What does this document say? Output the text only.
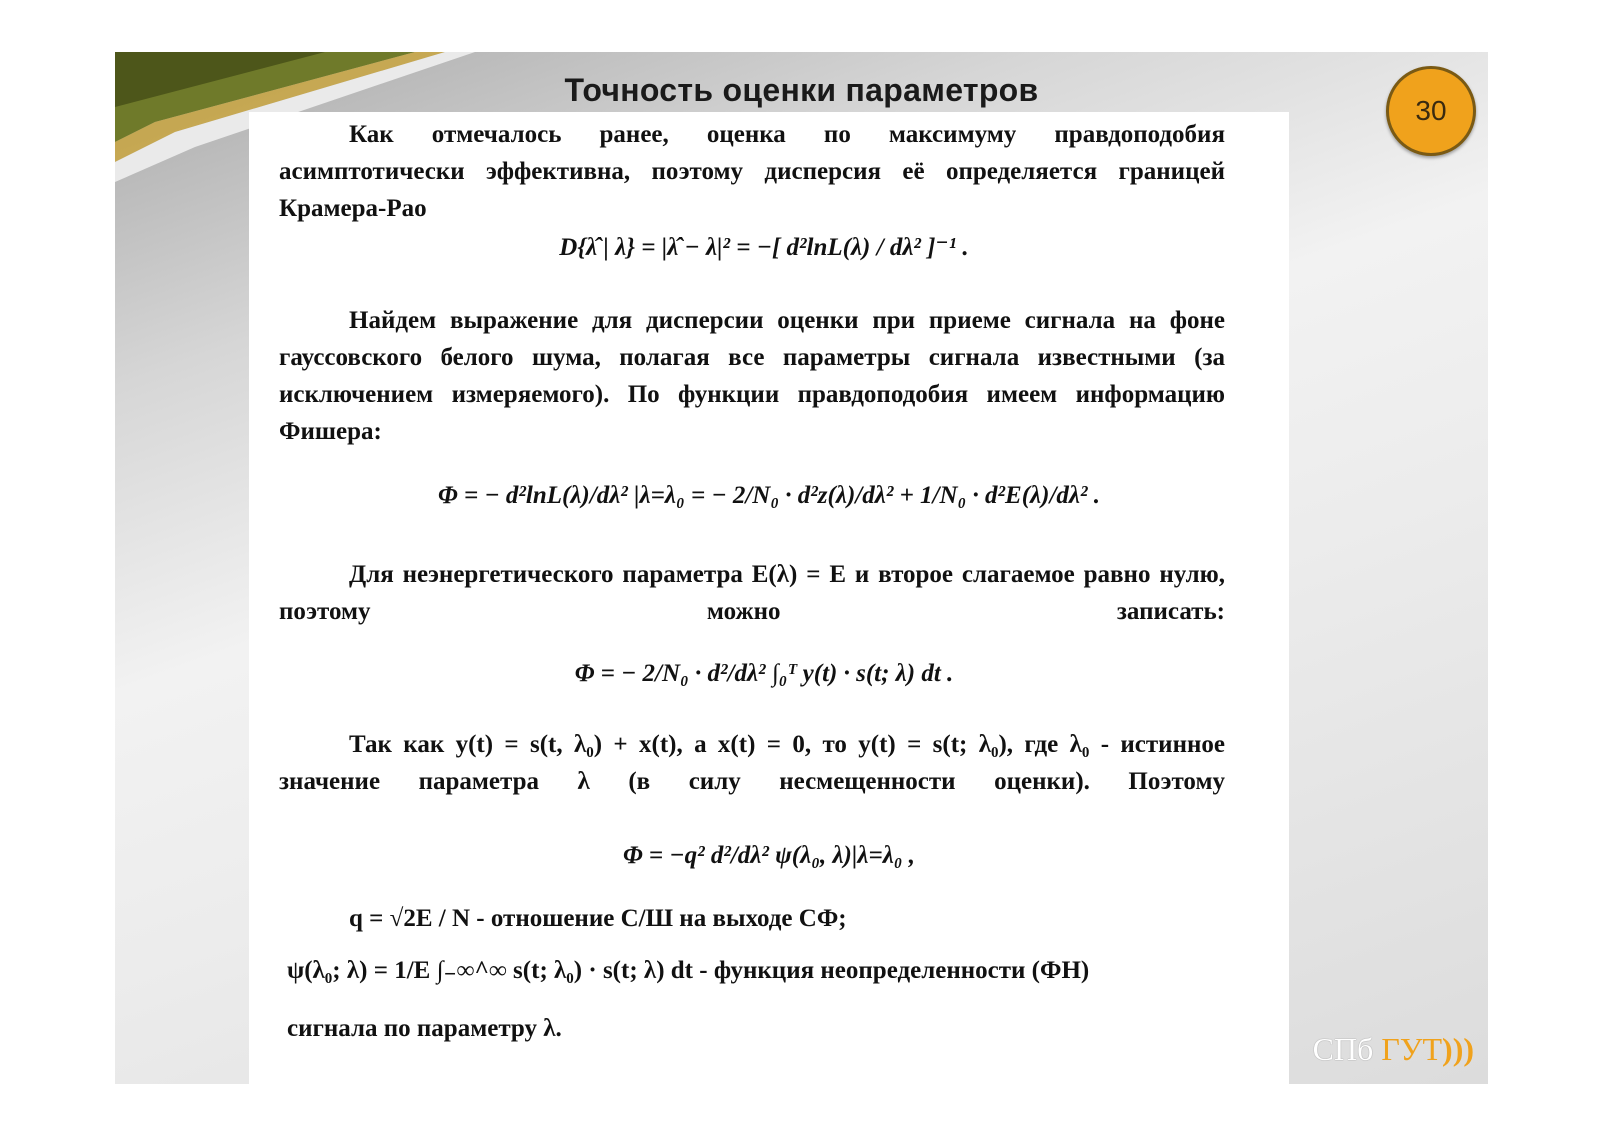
Точность оценки параметров
30
Как отмечалось ранее, оценка по максимуму правдоподобия асимптотически эффективна, поэтому дисперсия её определяется границей Крамера-Рао
D{λ̂ | λ} = |λ̂ − λ|² = −[ d²lnL(λ) / dλ² ]⁻¹ .
Найдем выражение для дисперсии оценки при приеме сигнала на фоне гауссовского белого шума, полагая все параметры сигнала известными (за исключением измеряемого). По функции правдоподобия имеем информацию Фишера:
Φ = − d²lnL(λ)/dλ² |λ=λ₀ = − 2/N₀ · d²z(λ)/dλ² + 1/N₀ · d²E(λ)/dλ² .
Для неэнергетического параметра E(λ) = E и второе слагаемое равно нулю, поэтому можно записать:
Φ = − 2/N₀ · d²/dλ² ∫₀ᵀ y(t) · s(t; λ) dt .
Так как y(t) = s(t, λ₀) + x(t), а x(t) = 0, то y(t) = s(t; λ₀), где λ₀ - истинное значение параметра λ (в силу несмещенности оценки). Поэтому
Φ = −q² d²/dλ² ψ(λ₀, λ)|λ=λ₀ ,
q = √2E / N - отношение С/Ш на выходе СФ;
ψ(λ₀; λ) = 1/E ∫₋∞^∞ s(t; λ₀) · s(t; λ) dt - функция неопределенности (ФН)
сигнала по параметру λ.
СПб ГУТ)))
